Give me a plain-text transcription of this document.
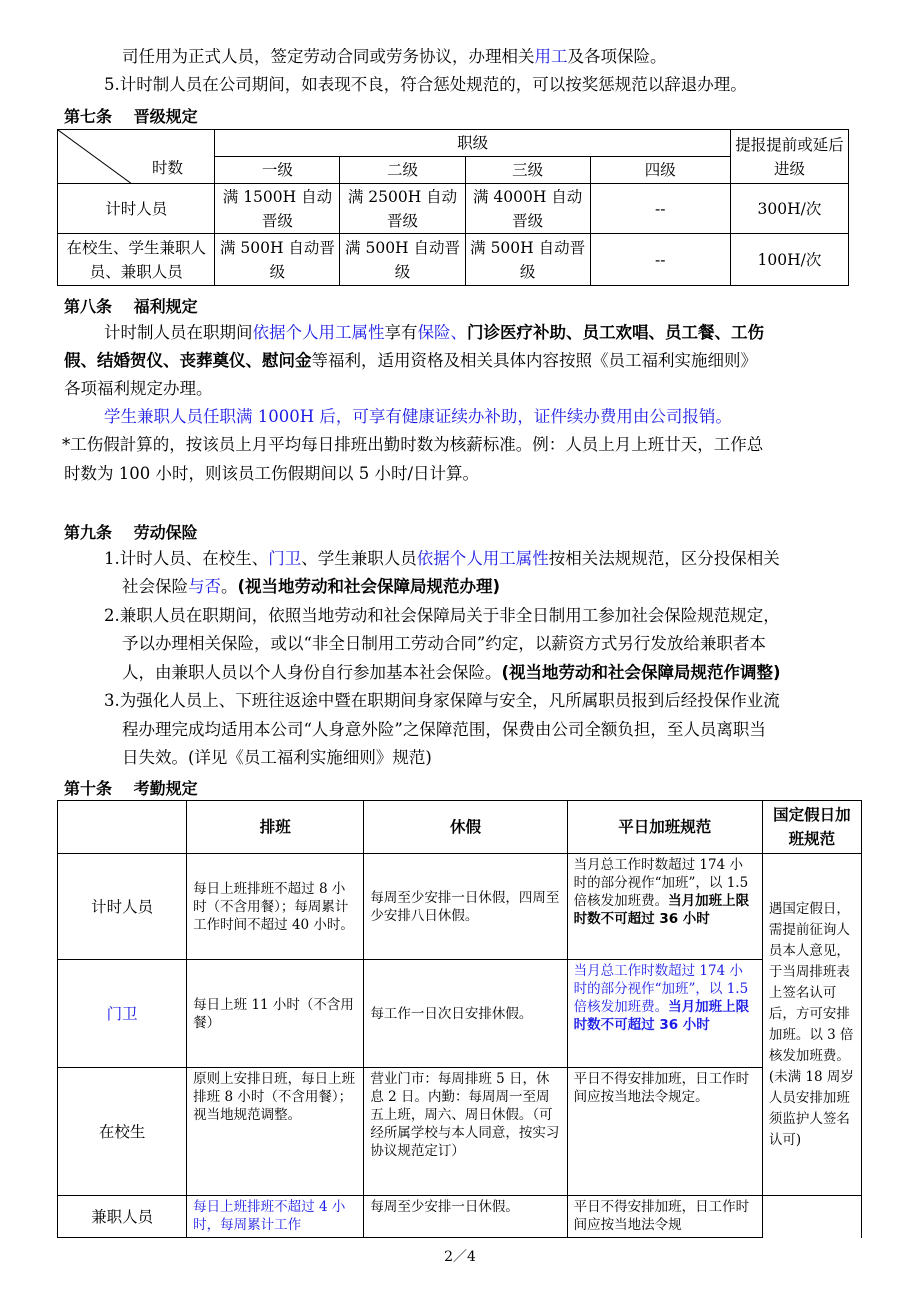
司任用为正式人员，签定劳动合同或劳务协议，办理相关用工及各项保险。
5.计时制人员在公司期间，如表现不良，符合惩处规范的，可以按奖惩规范以辞退办理。
第七条　 晋级规定
时数	职级				提报提前或延后进级
	一级	二级	三级	四级	
计时人员	满 1500H 自动晋级	满 2500H 自动晋级	满 4000H 自动晋级	--	300H/次
在校生、学生兼职人员、兼职人员	满 500H 自动晋级	满 500H 自动晋级	满 500H 自动晋级	--	100H/次
第八条　 福利规定
计时制人员在职期间依据个人用工属性享有保险、门诊医疗补助、员工欢唱、员工餐、工伤
假、结婚贺仪、丧葬奠仪、慰问金等福利，适用资格及相关具体内容按照《员工福利实施细则》
各项福利规定办理。
学生兼职人员任职满 1000H 后，可享有健康证续办补助，证件续办费用由公司报销。
*工伤假計算的，按该员上月平均每日排班出勤时数为核薪标准。例：人员上月上班廿天，工作总
时数为 100 小时，则该员工伤假期间以 5 小时/日计算。
第九条　 劳动保险
1.计时人员、在校生、门卫、学生兼职人员依据个人用工属性按相关法规规范，区分投保相关
社会保险与否。(视当地劳动和社会保障局规范办理)
2.兼职人员在职期间，依照当地劳动和社会保障局关于非全日制用工参加社会保险规范规定，
予以办理相关保险，或以“非全日制用工劳动合同”约定，以薪资方式另行发放给兼职者本
人，由兼职人员以个人身份自行参加基本社会保险。(视当地劳动和社会保障局规范作调整)
3.为强化人员上、下班往返途中暨在职期间身家保障与安全，凡所属职员报到后经投保作业流
程办理完成均适用本公司“人身意外险”之保障范围，保费由公司全额负担，至人员离职当
日失效。(详见《员工福利实施细则》规范)
第十条　 考勤规定
	排班	休假	平日加班规范	国定假日加班规范
计时人员	每日上班排班不超过 8 小时（不含用餐）；每周累计工作时间不超过 40 小时。	每周至少安排一日休假，四周至少安排八日休假。	当月总工作时数超过 174 小时的部分视作“加班”，以 1.5 倍核发加班费。当月加班上限时数不可超过 36 小时	遇国定假日，需提前征询人员本人意见，于当周排班表上签名认可后，方可安排加班。以 3 倍核发加班费。(未满 18 周岁人员安排加班须监护人签名认可)
门卫	每日上班 11 小时（不含用餐）	每工作一日次日安排休假。	当月总工作时数超过 174 小时的部分视作“加班”，以 1.5 倍核发加班费。当月加班上限时数不可超过 36 小时	
在校生	原则上安排日班，每日上班排班 8 小时（不含用餐）；视当地规范调整。	营业门市：每周排班 5 日，休息 2 日。内勤：每周周一至周五上班，周六、周日休假。（可经所属学校与本人同意，按实习协议规范定订）	平日不得安排加班，日工作时间应按当地法令规定。	
兼职人员	每日上班排班不超过 4 小时，每周累计工作	每周至少安排一日休假。	平日不得安排加班，日工作时间应按当地法令规	
2／4
